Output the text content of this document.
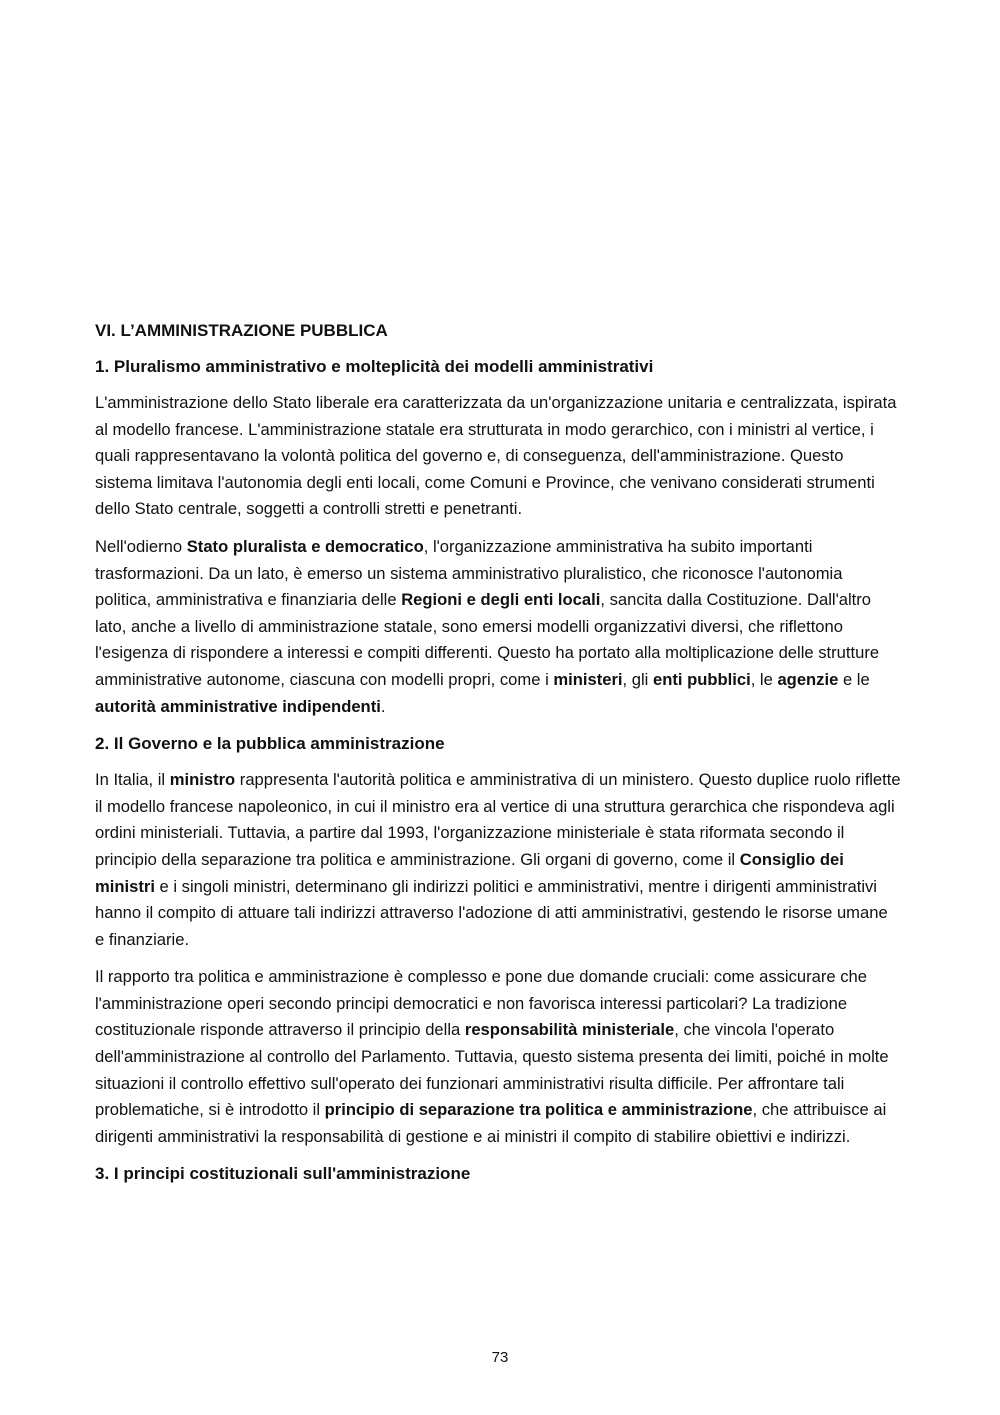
VI. L’AMMINISTRAZIONE PUBBLICA
1. Pluralismo amministrativo e molteplicità dei modelli amministrativi

L'amministrazione dello Stato liberale era caratterizzata da un'organizzazione unitaria e centralizzata, ispirata al modello francese. L'amministrazione statale era strutturata in modo gerarchico, con i ministri al vertice, i quali rappresentavano la volontà politica del governo e, di conseguenza, dell'amministrazione. Questo sistema limitava l'autonomia degli enti locali, come Comuni e Province, che venivano considerati strumenti dello Stato centrale, soggetti a controlli stretti e penetranti.

Nell'odierno Stato pluralista e democratico, l'organizzazione amministrativa ha subito importanti trasformazioni. Da un lato, è emerso un sistema amministrativo pluralistico, che riconosce l'autonomia politica, amministrativa e finanziaria delle Regioni e degli enti locali, sancita dalla Costituzione. Dall'altro lato, anche a livello di amministrazione statale, sono emersi modelli organizzativi diversi, che riflettono l'esigenza di rispondere a interessi e compiti differenti. Questo ha portato alla moltiplicazione delle strutture amministrative autonome, ciascuna con modelli propri, come i ministeri, gli enti pubblici, le agenzie e le autorità amministrative indipendenti.

2. Il Governo e la pubblica amministrazione

In Italia, il ministro rappresenta l'autorità politica e amministrativa di un ministero. Questo duplice ruolo riflette il modello francese napoleonico, in cui il ministro era al vertice di una struttura gerarchica che rispondeva agli ordini ministeriali. Tuttavia, a partire dal 1993, l'organizzazione ministeriale è stata riformata secondo il principio della separazione tra politica e amministrazione. Gli organi di governo, come il Consiglio dei ministri e i singoli ministri, determinano gli indirizzi politici e amministrativi, mentre i dirigenti amministrativi hanno il compito di attuare tali indirizzi attraverso l'adozione di atti amministrativi, gestendo le risorse umane e finanziarie.

Il rapporto tra politica e amministrazione è complesso e pone due domande cruciali: come assicurare che l'amministrazione operi secondo principi democratici e non favorisca interessi particolari? La tradizione costituzionale risponde attraverso il principio della responsabilità ministeriale, che vincola l'operato dell'amministrazione al controllo del Parlamento. Tuttavia, questo sistema presenta dei limiti, poiché in molte situazioni il controllo effettivo sull'operato dei funzionari amministrativi risulta difficile. Per affrontare tali problematiche, si è introdotto il principio di separazione tra politica e amministrazione, che attribuisce ai dirigenti amministrativi la responsabilità di gestione e ai ministri il compito di stabilire obiettivi e indirizzi.

3. I principi costituzionali sull'amministrazione
73
